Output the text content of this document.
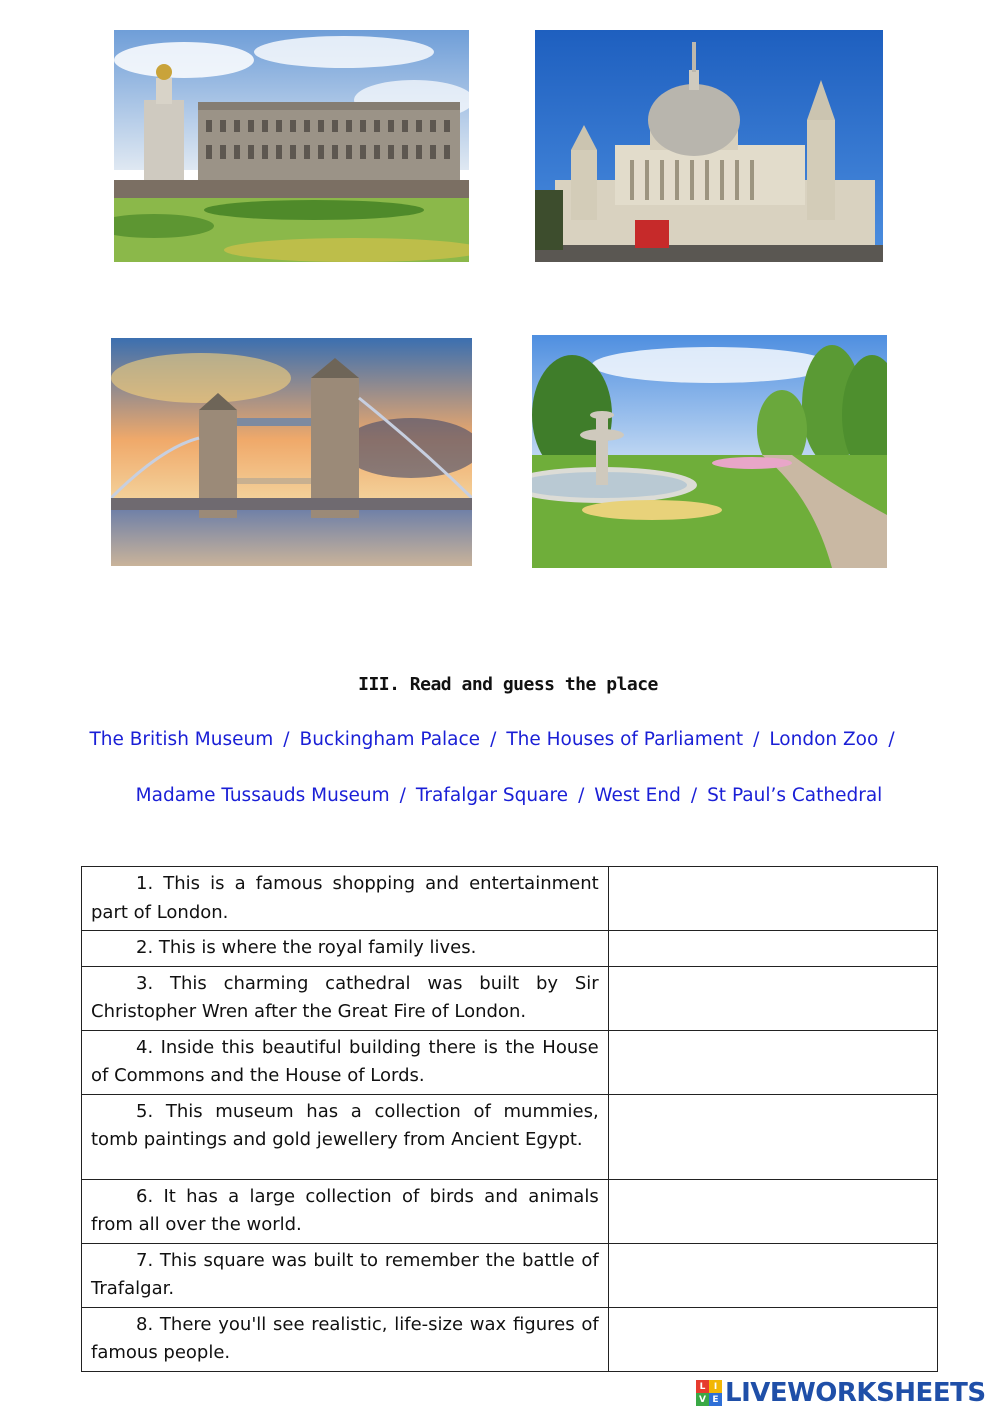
III. Read and guess the place
The British Museum / Buckingham Palace / The Houses of Parliament / London Zoo /
Madame Tussauds Museum / Trafalgar Square / West End / St Paul’s Cathedral
1. This is a famous shopping and entertainment part of London.	

2. This is where the royal family lives.	

3. This charming cathedral was built by Sir Christopher Wren after the Great Fire of London.	

4. Inside this beautiful building there is the House of Commons and the House of Lords.	

5. This museum has a collection of mummies, tomb paintings and gold jewellery from Ancient Egypt.	

6. It has a large collection of birds and animals from all over the world.	

7. This square was built to remember the battle of Trafalgar.	

8. There you'll see realistic, life-size wax figures of famous people.	

L I
V E LIVEWORKSHEETS
